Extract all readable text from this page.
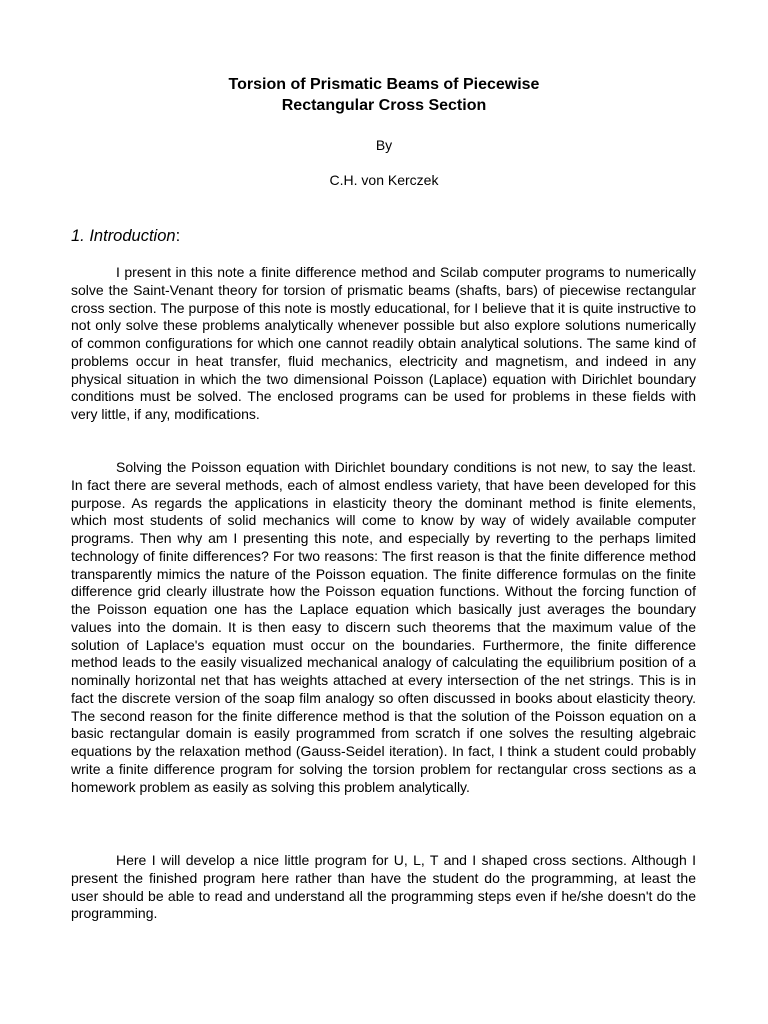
Torsion of Prismatic Beams of Piecewise
Rectangular Cross Section
By
C.H. von Kerczek
1. Introduction:

I present in this note a finite difference method and Scilab computer programs to numerically solve the Saint-Venant theory for torsion of prismatic beams (shafts, bars) of piecewise rectangular cross section. The purpose of this note is mostly educational, for I believe that it is quite instructive to not only solve these problems analytically whenever possible but also explore solutions numerically of common configurations for which one cannot readily obtain analytical solutions. The same kind of problems occur in heat transfer, fluid mechanics, electricity and magnetism, and indeed in any physical situation in which the two dimensional Poisson (Laplace) equation with Dirichlet boundary conditions must be solved. The enclosed programs can be used for problems in these fields with very little, if any, modifications.

Solving the Poisson equation with Dirichlet boundary conditions is not new, to say the least. In fact there are several methods, each of almost endless variety, that have been developed for this purpose. As regards the applications in elasticity theory the dominant method is finite elements, which most students of solid mechanics will come to know by way of widely available computer programs. Then why am I presenting this note, and especially by reverting to the perhaps limited technology of finite differences? For two reasons: The first reason is that the finite difference method transparently mimics the nature of the Poisson equation. The finite difference formulas on the finite difference grid clearly illustrate how the Poisson equation functions. Without the forcing function of the Poisson equation one has the Laplace equation which basically just averages the boundary values into the domain. It is then easy to discern such theorems that the maximum value of the solution of Laplace's equation must occur on the boundaries. Furthermore, the finite difference method leads to the easily visualized mechanical analogy of calculating the equilibrium position of a nominally horizontal net that has weights attached at every intersection of the net strings. This is in fact the discrete version of the soap film analogy so often discussed in books about elasticity theory. The second reason for the finite difference method is that the solution of the Poisson equation on a basic rectangular domain is easily programmed from scratch if one solves the resulting algebraic equations by the relaxation method (Gauss-Seidel iteration). In fact, I think a student could probably write a finite difference program for solving the torsion problem for rectangular cross sections as a homework problem as easily as solving this problem analytically.

Here I will develop a nice little program for U, L, T and I shaped cross sections. Although I present the finished program here rather than have the student do the programming, at least the user should be able to read and understand all the programming steps even if he/she doesn't do the programming.
